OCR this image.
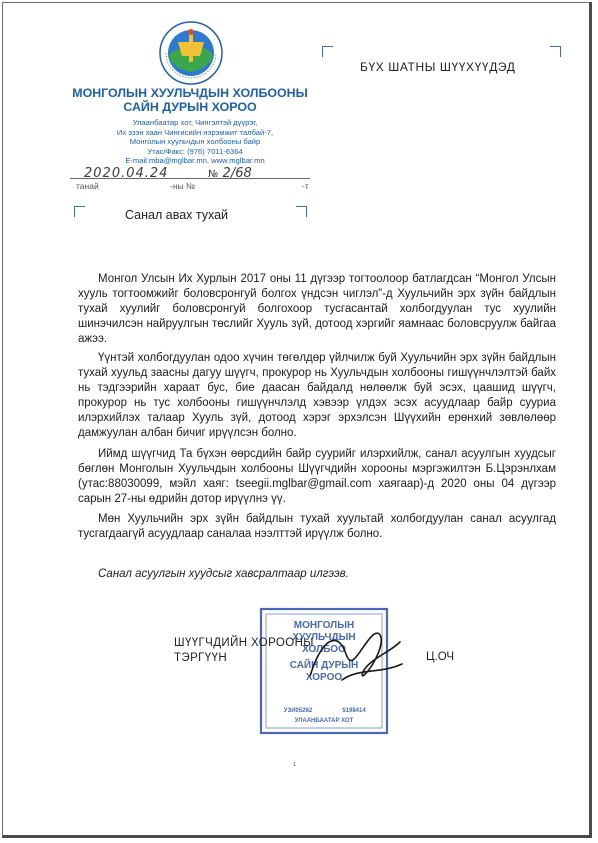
МОНГОЛЫН ХУУЛЬЧДЫН ХОЛБООНЫ
САЙН ДУРЫН ХОРОО
Улаанбаатар хот, Чингэлтэй дүүрэг,
Их эзэн хаан Чингисийн нэрэмжит талбай-7,
Монголын хуульчдын холбооны байр
Утас/Факс: (976) 7011-6364
E-mail:mba@mglbar.mn, www.mglbar.mn
2020.04.24	№ 2/68
танай	-ны №	-т
БҮХ ШАТНЫ ШҮҮХҮҮДЭД
Санал авах тухай

Монгол Улсын Их Хурлын 2017 оны 11 дүгээр тогтоолоор батлагдсан “Монгол Улсын хууль тогтоомжийг боловсронгуй болгох үндсэн чиглэл”-д Хуульчийн эрх зүйн байдлын тухай хуулийг боловсронгуй болгохоор тусгасантай холбогдуулан тус хуулийн шинэчилсэн найруулгын төслийг Хууль зүй, дотоод хэргийг яамнаас боловсруулж байгаа ажээ.

Үүнтэй холбогдуулан одоо хүчин төгөлдөр үйлчилж буй Хуульчийн эрх зүйн байдлын тухай хуульд заасны дагуу шүүгч, прокурор нь Хуульчдын холбооны гишүүнчлэлтэй байх нь тэдгээрийн хараат бус, бие даасан байдалд нөлөөлж буй эсэх, цаашид шүүгч, прокурор нь тус холбооны гишүүнчлэлд хэвээр үлдэх эсэх асуудлаар байр сууриа илэрхийлэх талаар Хууль зүй, дотоод хэрэг эрхэлсэн Шүүхийн ерөнхий зөвлөлөөр дамжуулан албан бичиг ирүүлсэн болно.

Иймд шүүгчид Та бүхэн өөрсдийн байр суурийг илэрхийлж, санал асуулгын хуудсыг бөглөн Монголын Хуульчдын холбооны Шүүгчдийн хорооны мэргэжилтэн Б.Цэрэнлхам (утас:88030099, мэйл хаяг: tseegii.mglbar@gmail.com хаягаар)-д 2020 оны 04 дүгээр сарын 27-ны өдрийн дотор ирүүлнэ үү.

Мөн Хуульчийн эрх зүйн байдлын тухай хуультай холбогдуулан санал асуулгад тусгагдаагүй асуудлаар саналаа нээлттэй ирүүлж болно.

Санал асуулгын хуудсыг хавсралтаар илгээв.
МОНГОЛЫН
ХУУЛЬЧДЫН
ХОЛБОО
САЙН ДУРЫН
ХОРОО
УЗИ05262	5198414
УЛААНБААТАР ХОТ
ШҮҮГЧДИЙН ХОРООНЫ
ТЭРГҮҮН	Ц.ОЧ
1
